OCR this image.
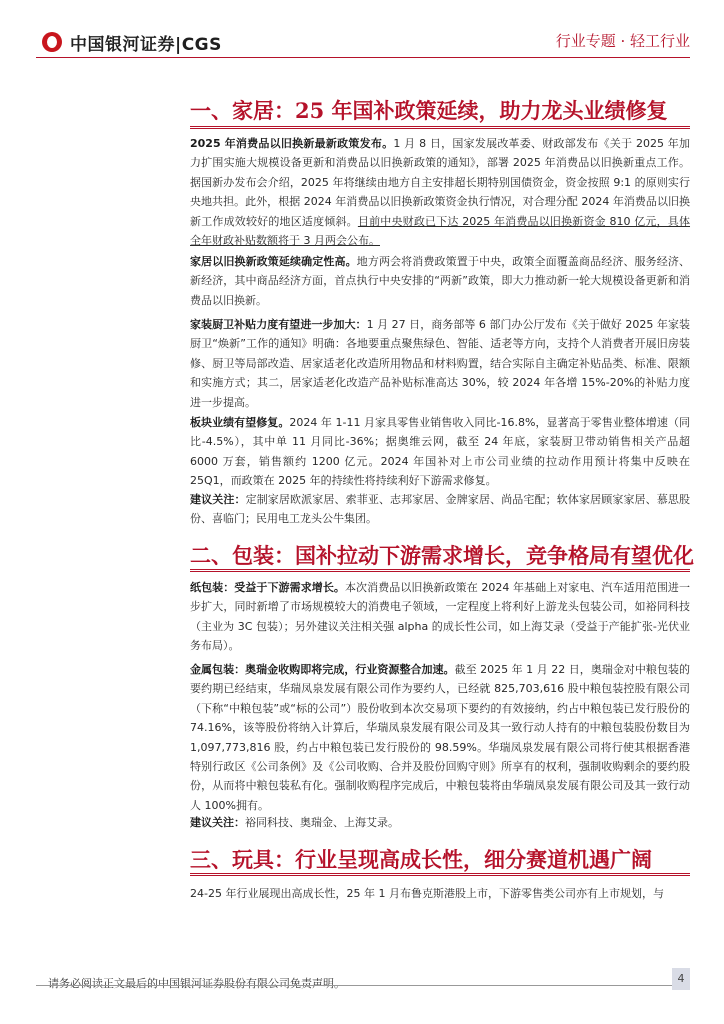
中国银河证券|CGS	行业专题 · 轻工行业
一、家居：25 年国补政策延续，助力龙头业绩修复
2025 年消费品以旧换新最新政策发布。1 月 8 日，国家发展改革委、财政部发布《关于 2025 年加力扩围实施大规模设备更新和消费品以旧换新政策的通知》，部署 2025 年消费品以旧换新重点工作。据国新办发布会介绍，2025 年将继续由地方自主安排超长期特别国债资金，资金按照 9:1 的原则实行央地共担。此外，根据 2024 年消费品以旧换新政策资金执行情况，对合理分配 2024 年消费品以旧换新工作成效较好的地区适度倾斜。目前中央财政已下达 2025 年消费品以旧换新资金 810 亿元，具体全年财政补贴数额将于 3 月两会公布。
家居以旧换新政策延续确定性高。地方两会将消费政策置于中央，政策全面覆盖商品经济、服务经济、新经济，其中商品经济方面，首点执行中央安排的“两新”政策，即大力推动新一轮大规模设备更新和消费品以旧换新。
家装厨卫补贴力度有望进一步加大：1 月 27 日，商务部等 6 部门办公厅发布《关于做好 2025 年家装厨卫“焕新”工作的通知》明确：各地要重点聚焦绿色、智能、适老等方向，支持个人消费者开展旧房装修、厨卫等局部改造、居家适老化改造所用物品和材料购置，结合实际自主确定补贴品类、标准、限额和实施方式；其二，居家适老化改造产品补贴标准高达 30%，较 2024 年各增 15%-20%的补贴力度进一步提高。
板块业绩有望修复。2024 年 1-11 月家具零售业销售收入同比-16.8%，显著高于零售业整体增速（同比-4.5%），其中单 11 月同比-36%；据奥维云网，截至 24 年底，家装厨卫带动销售相关产品超 6000 万套，销售额约 1200 亿元。2024 年国补对上市公司业绩的拉动作用预计将集中反映在 25Q1，而政策在 2025 年的持续性将持续利好下游需求修复。
建议关注：定制家居欧派家居、索菲亚、志邦家居、金牌家居、尚品宅配；软体家居顾家家居、慕思股份、喜临门；民用电工龙头公牛集团。
二、包装：国补拉动下游需求增长，竞争格局有望优化
纸包装：受益于下游需求增长。本次消费品以旧换新政策在 2024 年基础上对家电、汽车适用范围进一步扩大，同时新增了市场规模较大的消费电子领域，一定程度上将利好上游龙头包装公司，如裕同科技（主业为 3C 包装）；另外建议关注相关强 alpha 的成长性公司，如上海艾录（受益于产能扩张-光伏业务布局）。
金属包装：奥瑞金收购即将完成，行业资源整合加速。截至 2025 年 1 月 22 日，奥瑞金对中粮包装的要约期已经结束，华瑞凤泉发展有限公司作为要约人，已经就 825,703,616 股中粮包装控股有限公司（下称“中粮包装”或“标的公司”）股份收到本次交易项下要约的有效接纳，约占中粮包装已发行股份的 74.16%，该等股份将纳入计算后，华瑞凤泉发展有限公司及其一致行动人持有的中粮包装股份数目为 1,097,773,816 股，约占中粮包装已发行股份的 98.59%。华瑞凤泉发展有限公司将行使其根据香港特别行政区《公司条例》及《公司收购、合并及股份回购守则》所享有的权利，强制收购剩余的要约股份，从而将中粮包装私有化。强制收购程序完成后，中粮包装将由华瑞凤泉发展有限公司及其一致行动人 100%拥有。
建议关注：裕同科技、奥瑞金、上海艾录。
三、玩具：行业呈现高成长性，细分赛道机遇广阔
24-25 年行业展现出高成长性，25 年 1 月布鲁克斯港股上市，下游零售类公司亦有上市规划，与
请务必阅读正文最后的中国银河证券股份有限公司免责声明。	4
